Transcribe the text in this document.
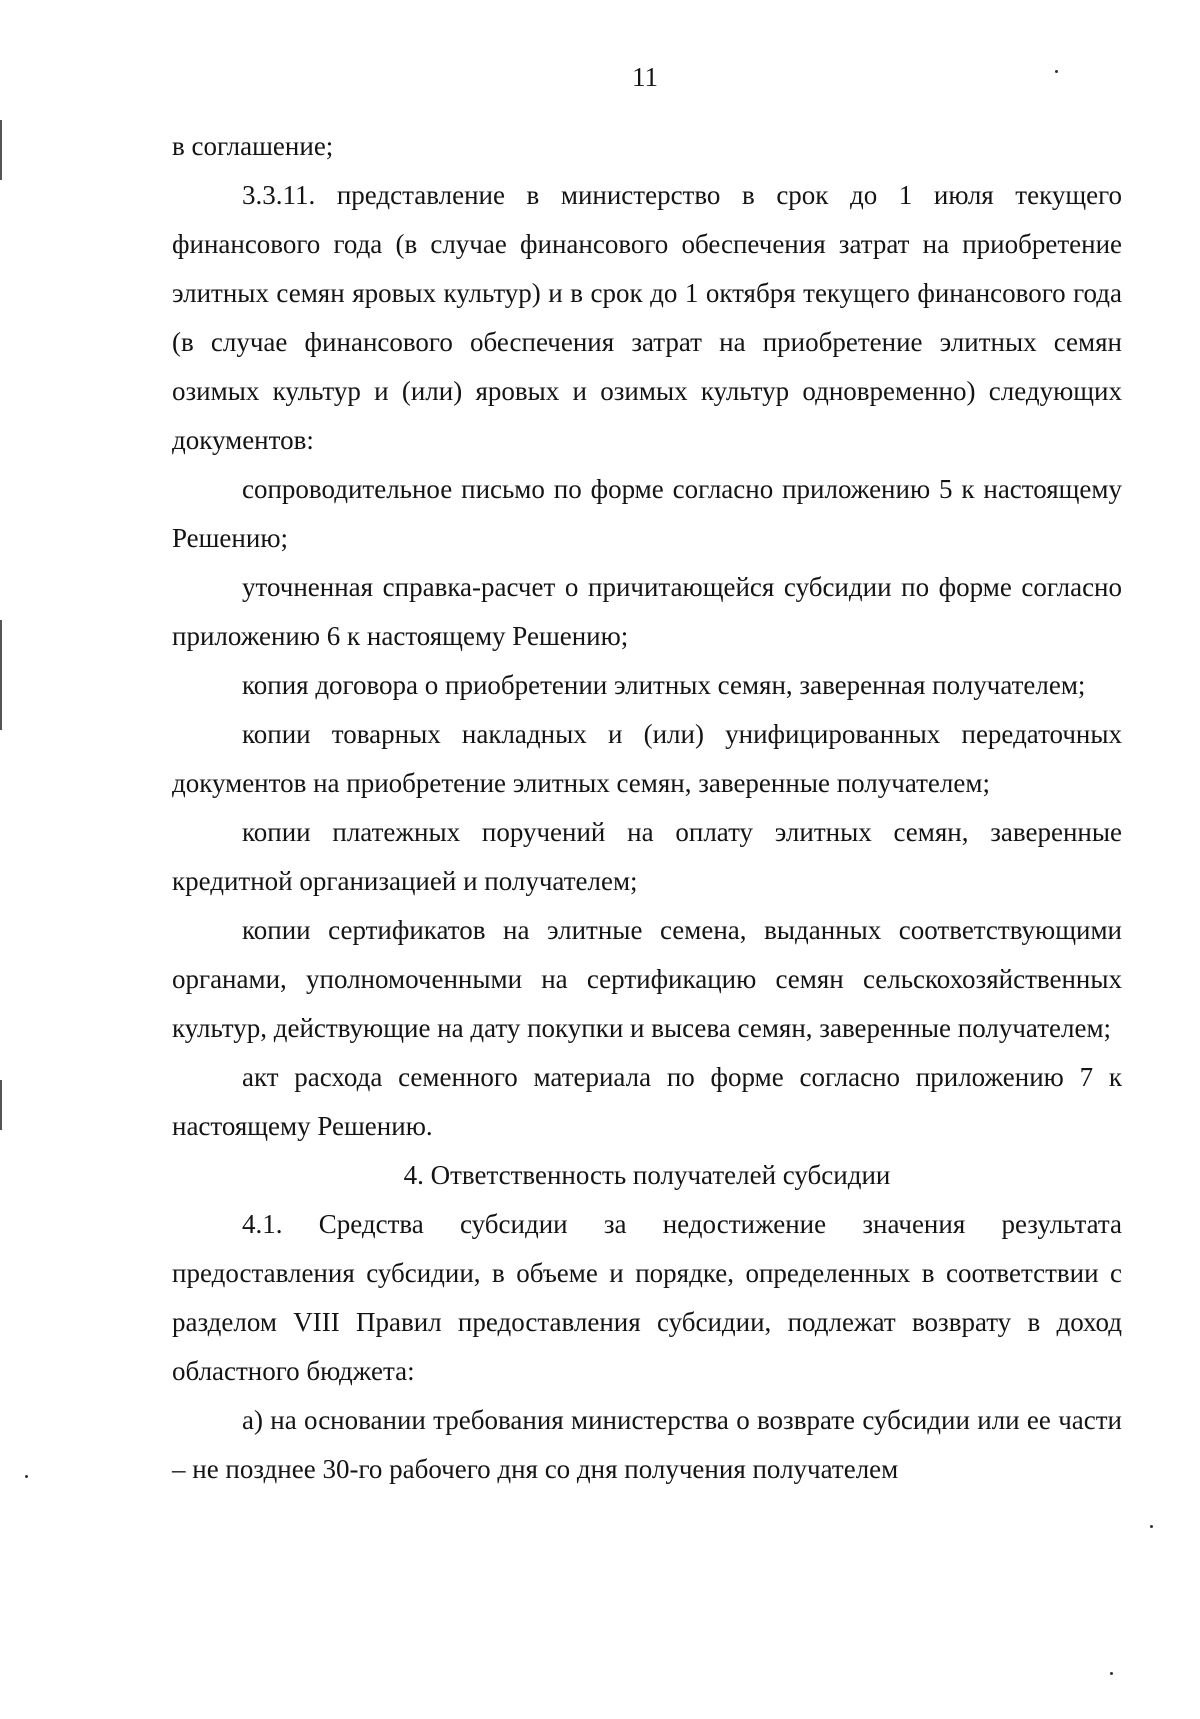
11

в соглашение;

3.3.11. представление в министерство в срок до 1 июля текущего финансового года (в случае финансового обеспечения затрат на приобретение элитных семян яровых культур) и в срок до 1 октября текущего финансового года (в случае финансового обеспечения затрат на приобретение элитных семян озимых культур и (или) яровых и озимых культур одновременно) следующих документов:

сопроводительное письмо по форме согласно приложению 5 к настоящему Решению;

уточненная справка-расчет о причитающейся субсидии по форме согласно приложению 6 к настоящему Решению;

копия договора о приобретении элитных семян, заверенная получателем;

копии товарных накладных и (или) унифицированных передаточных документов на приобретение элитных семян, заверенные получателем;

копии платежных поручений на оплату элитных семян, заверенные кредитной организацией и получателем;

копии сертификатов на элитные семена, выданных соответствующими органами, уполномоченными на сертификацию семян сельскохозяйственных культур, действующие на дату покупки и высева семян, заверенные получателем;

акт расхода семенного материала по форме согласно приложению 7 к настоящему Решению.

4. Ответственность получателей субсидии

4.1. Средства субсидии за недостижение значения результата предоставления субсидии, в объеме и порядке, определенных в соответствии с разделом VIII Правил предоставления субсидии, подлежат возврату в доход областного бюджета:

а) на основании требования министерства о возврате субсидии или ее части – не позднее 30-го рабочего дня со дня получения получателем
